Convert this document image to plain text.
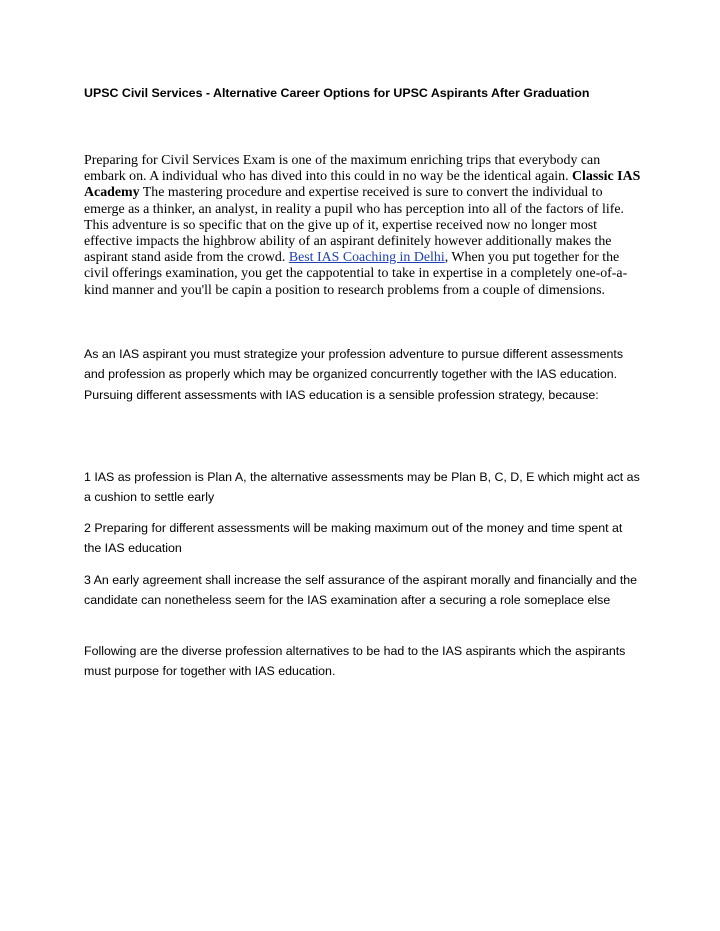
UPSC Civil Services - Alternative Career Options for UPSC Aspirants After Graduation
Preparing for Civil Services Exam is one of the maximum enriching trips that everybody can embark on. A individual who has dived into this could in no way be the identical again. Classic IAS Academy The mastering procedure and expertise received is sure to convert the individual to emerge as a thinker, an analyst, in reality a pupil who has perception into all of the factors of life. This adventure is so specific that on the give up of it, expertise received now no longer most effective impacts the highbrow ability of an aspirant definitely however additionally makes the aspirant stand aside from the crowd. Best IAS Coaching in Delhi, When you put together for the civil offerings examination, you get the cappotential to take in expertise in a completely one-of-a-kind manner and you'll be capin a position to research problems from a couple of dimensions.
As an IAS aspirant you must strategize your profession adventure to pursue different assessments and profession as properly which may be organized concurrently together with the IAS education. Pursuing different assessments with IAS education is a sensible profession strategy, because:
1 IAS as profession is Plan A, the alternative assessments may be Plan B, C, D, E which might act as a cushion to settle early
2 Preparing for different assessments will be making maximum out of the money and time spent at the IAS education
3 An early agreement shall increase the self assurance of the aspirant morally and financially and the candidate can nonetheless seem for the IAS examination after a securing a role someplace else
Following are the diverse profession alternatives to be had to the IAS aspirants which the aspirants must purpose for together with IAS education.
